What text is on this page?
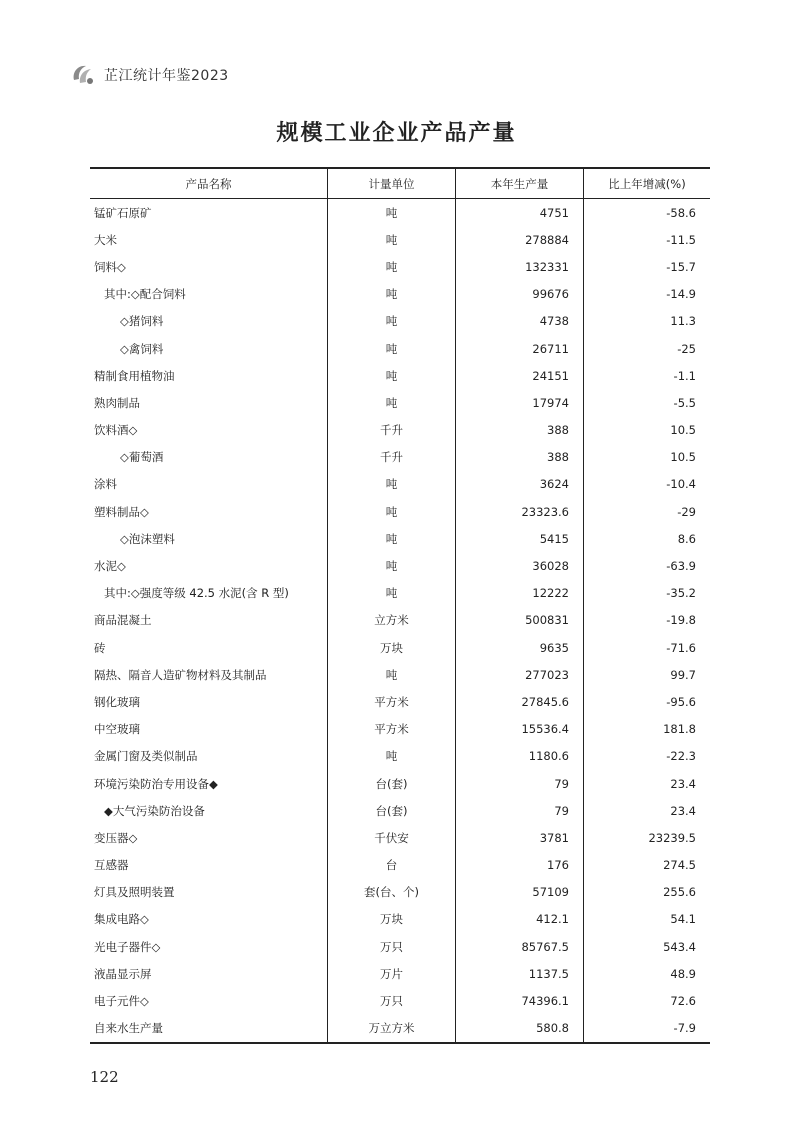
芷江统计年鉴2023
规模工业企业产品产量
产品名称	计量单位	本年生产量	比上年增减(%)
锰矿石原矿	吨	4751	-58.6
大米	吨	278884	-11.5
饲料◇	吨	132331	-15.7
其中:◇配合饲料	吨	99676	-14.9
◇猪饲料	吨	4738	11.3
◇禽饲料	吨	26711	-25
精制食用植物油	吨	24151	-1.1
熟肉制品	吨	17974	-5.5
饮料酒◇	千升	388	10.5
◇葡萄酒	千升	388	10.5
涂料	吨	3624	-10.4
塑料制品◇	吨	23323.6	-29
◇泡沫塑料	吨	5415	8.6
水泥◇	吨	36028	-63.9
其中:◇强度等级 42.5 水泥(含 R 型)	吨	12222	-35.2
商品混凝土	立方米	500831	-19.8
砖	万块	9635	-71.6
隔热、隔音人造矿物材料及其制品	吨	277023	99.7
钢化玻璃	平方米	27845.6	-95.6
中空玻璃	平方米	15536.4	181.8
金属门窗及类似制品	吨	1180.6	-22.3
环境污染防治专用设备◆	台(套)	79	23.4
◆大气污染防治设备	台(套)	79	23.4
变压器◇	千伏安	3781	23239.5
互感器	台	176	274.5
灯具及照明装置	套(台、个)	57109	255.6
集成电路◇	万块	412.1	54.1
光电子器件◇	万只	85767.5	543.4
液晶显示屏	万片	1137.5	48.9
电子元件◇	万只	74396.1	72.6
自来水生产量	万立方米	580.8	-7.9
122
